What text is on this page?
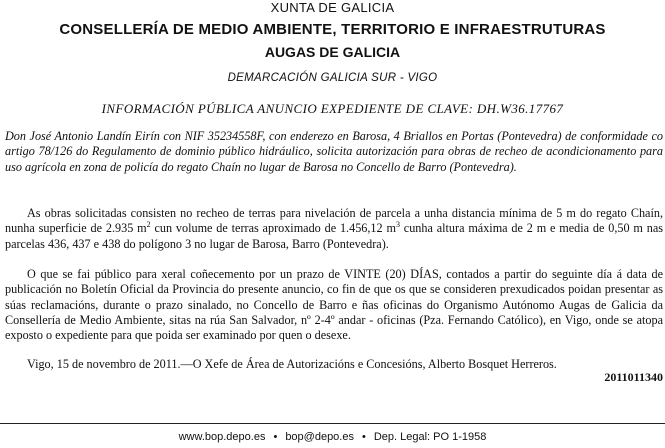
XUNTA DE GALICIA
CONSELLERÍA DE MEDIO AMBIENTE, TERRITORIO E INFRAESTRUTURAS
AUGAS DE GALICIA
DEMARCACIÓN GALICIA SUR - VIGO
INFORMACIÓN PÚBLICA ANUNCIO EXPEDIENTE DE CLAVE: DH.W36.17767

Don José Antonio Landín Eirín con NIF 35234558F, con enderezo en Barosa, 4 Briallos en Portas (Pontevedra) de conformidade co artigo 78/126 do Regulamento de dominio público hidráulico, solicita autorización para obras de recheo de acondicionamento para uso agrícola en zona de policía do regato Chaín no lugar de Barosa no Concello de Barro (Pontevedra).

As obras solicitadas consisten no recheo de terras para nivelación de parcela a unha distancia mínima de 5 m do regato Chaín, nunha superficie de 2.935 $m^2$ cun volume de terras aproximado de 1.456,12 $m^3$ cunha altura máxima de 2 m e media de 0,50 m nas parcelas 436, 437 e 438 do polígono 3 no lugar de Barosa, Barro (Pontevedra).

O que se fai público para xeral coñecemento por un prazo de VINTE (20) DÍAS, contados a partir do seguinte día á data de publicación no Boletín Oficial da Provincia do presente anuncio, co fin de que os que se consideren prexudicados poidan presentar as súas reclamacións, durante o prazo sinalado, no Concello de Barro e ñas oficinas do Organismo Autónomo Augas de Galicia da Consellería de Medio Ambiente, sitas na rúa San Salvador, nº 2-4º andar - oficinas (Pza. Fernando Católico), en Vigo, onde se atopa exposto o expediente para que poida ser examinado por quen o desexe.

Vigo, 15 de novembro de 2011.—O Xefe de Área de Autorizacións e Concesións, Alberto Bosquet Herreros.

2011011340
www.bop.depo.es • bop@depo.es • Dep. Legal: PO 1-1958
